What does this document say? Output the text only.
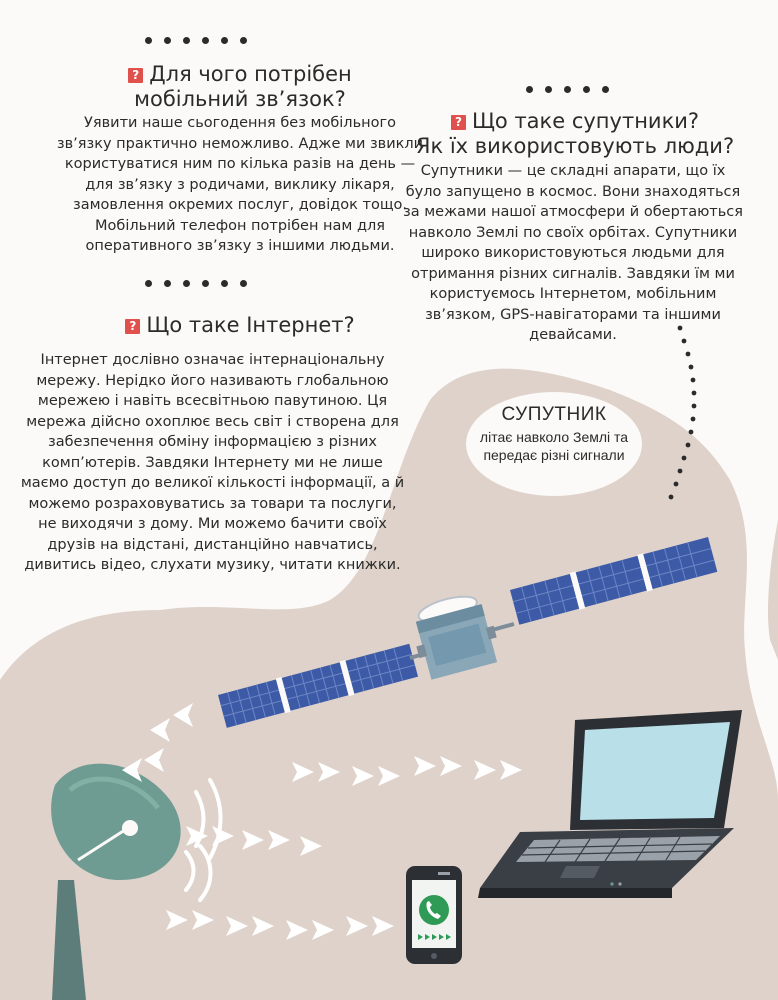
? Для чого потрібен
мобільний зв’язок?

Уявити наше сьогодення без мобільного зв’язку практично неможливо. Адже ми звикли користуватися ним по кілька разів на день — для зв’язку з родичами, виклику лікаря, замовлення окремих послуг, довідок тощо. Мобільний телефон потрібен нам для оперативного зв’язку з іншими людьми.

? Що таке Інтернет?

Інтернет дослівно означає інтернаціональну мережу. Нерідко його називають глобальною мережею і навіть всесвітньою павутиною. Ця мережа дійсно охоплює весь світ і створена для забезпечення обміну інформацією з різних комп’ютерів. Завдяки Інтернету ми не лише маємо доступ до великої кількості інформації, а й можемо розраховуватись за товари та послуги, не виходячи з дому. Ми можемо бачити своїх друзів на відстані, дистанційно навчатись, дивитись відео, слухати музику, читати книжки.

? Що таке супутники?
Як їх використовують люди?

Супутники — це складні апарати, що їх було запущено в космос. Вони знаходяться за межами нашої атмосфери й обертаються навколо Землі по своїх орбітах. Супутники широко використовуються людьми для отримання різних сигналів. Завдяки їм ми користуємось Інтернетом, мобільним зв’язком, GPS-навігаторами та іншими девайсами.

СУПУТНИК
літає навколо Землі та передає різні сигнали
